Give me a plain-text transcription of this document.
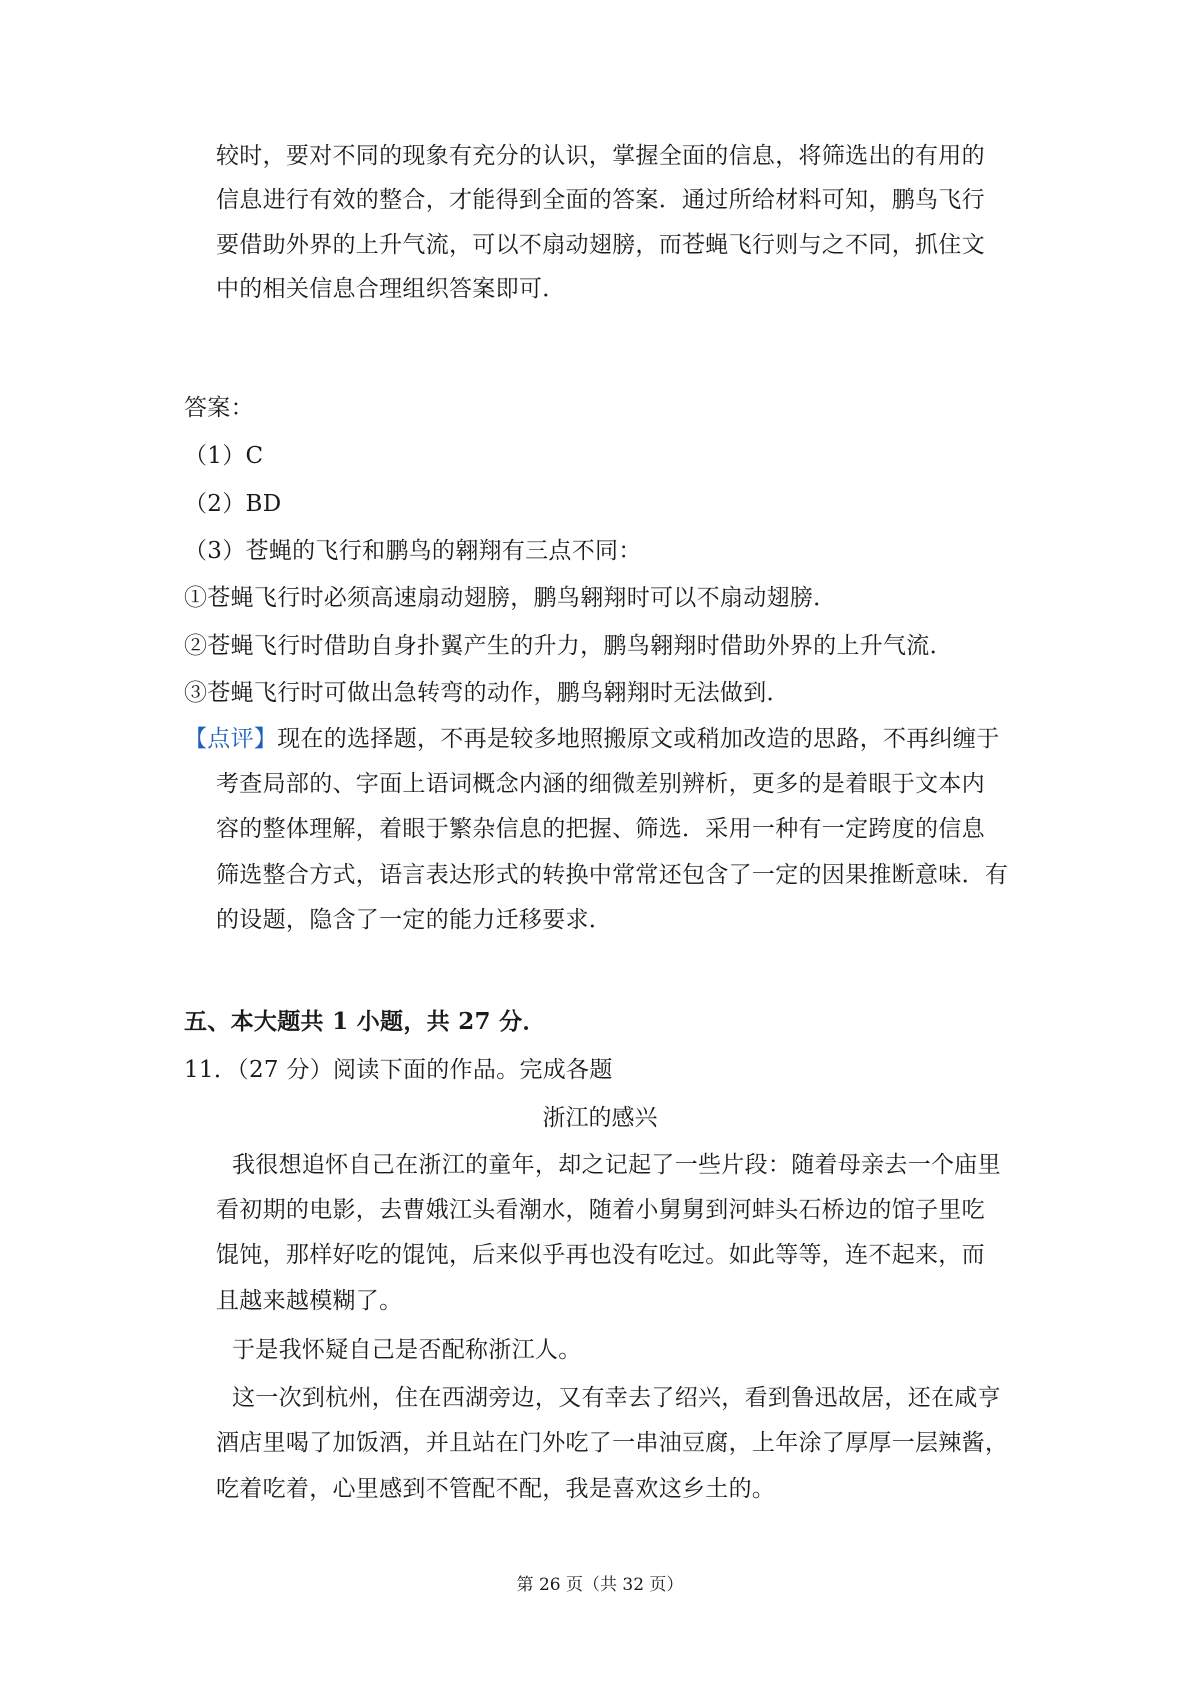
较时，要对不同的现象有充分的认识，掌握全面的信息，将筛选出的有用的
信息进行有效的整合，才能得到全面的答案．通过所给材料可知，鹏鸟飞行
要借助外界的上升气流，可以不扇动翅膀，而苍蝇飞行则与之不同，抓住文
中的相关信息合理组织答案即可．
答案：
（1）C
（2）BD
（3）苍蝇的飞行和鹏鸟的翱翔有三点不同：
①苍蝇飞行时必须高速扇动翅膀，鹏鸟翱翔时可以不扇动翅膀．
②苍蝇飞行时借助自身扑翼产生的升力，鹏鸟翱翔时借助外界的上升气流．
③苍蝇飞行时可做出急转弯的动作，鹏鸟翱翔时无法做到．
【点评】现在的选择题，不再是较多地照搬原文或稍加改造的思路，不再纠缠于
考查局部的、字面上语词概念内涵的细微差别辨析，更多的是着眼于文本内
容的整体理解，着眼于繁杂信息的把握、筛选．采用一种有一定跨度的信息
筛选整合方式，语言表达形式的转换中常常还包含了一定的因果推断意味．有
的设题，隐含了一定的能力迁移要求．
五、本大题共 1 小题，共 27 分．
11．（27 分）阅读下面的作品。完成各题
浙江的感兴
我很想追怀自己在浙江的童年，却之记起了一些片段：随着母亲去一个庙里
看初期的电影，去曹娥江头看潮水，随着小舅舅到河蚌头石桥边的馆子里吃
馄饨，那样好吃的馄饨，后来似乎再也没有吃过。如此等等，连不起来，而
且越来越模糊了。
于是我怀疑自己是否配称浙江人。
这一次到杭州，住在西湖旁边，又有幸去了绍兴，看到鲁迅故居，还在咸亨
酒店里喝了加饭酒，并且站在门外吃了一串油豆腐，上年涂了厚厚一层辣酱，
吃着吃着，心里感到不管配不配，我是喜欢这乡土的。
第 26 页（共 32 页）
